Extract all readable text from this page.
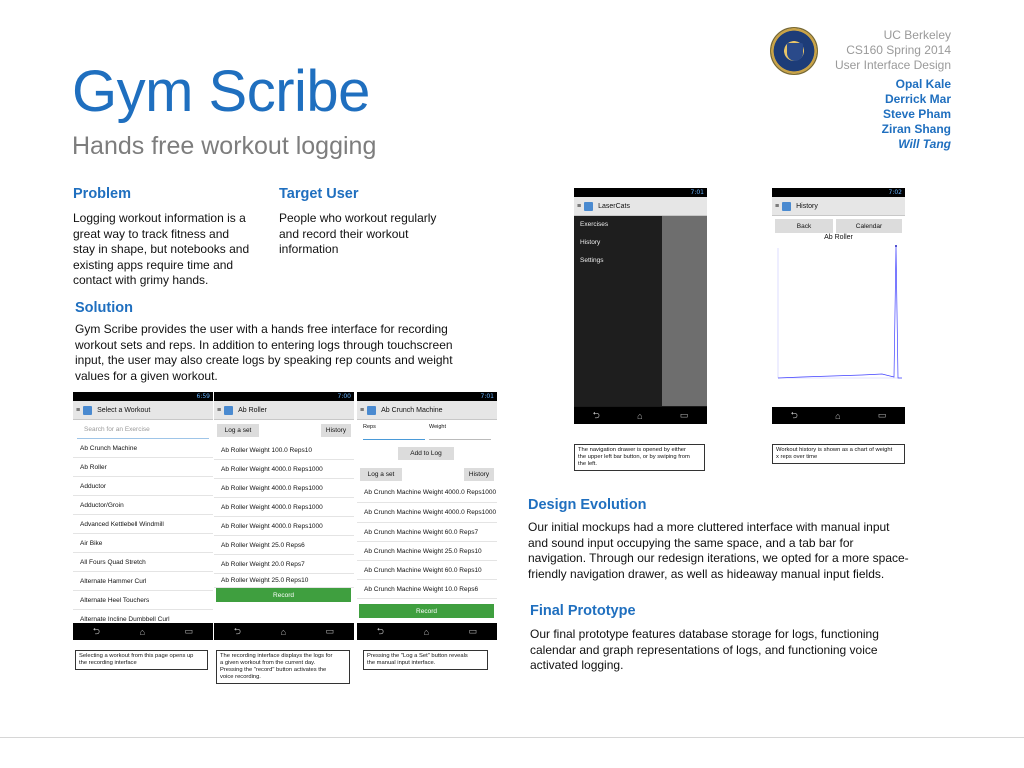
Gym Scribe
Hands free workout logging
UC Berkeley
CS160 Spring 2014
User Interface Design
Opal Kale
Derrick Mar
Steve Pham
Ziran Shang
Will Tang
Problem
Logging workout information is a
great way to track fitness and
stay in shape, but notebooks and
existing apps require time and
contact with grimy hands.
Target User
People who workout regularly
and record their workout
information
Solution
Gym Scribe provides the user with a hands free interface for recording
workout sets and reps. In addition to entering logs through touchscreen
input, the user may also create logs by speaking rep counts and weight
values for a given workout.
Design Evolution
Our initial mockups had a more cluttered interface with manual input
and sound input occupying the same space, and a tab bar for
navigation. Through our redesign iterations, we opted for a more space-
friendly navigation drawer, as well as hideaway manual input fields.
Final Prototype
Our final prototype features database storage for logs, functioning
calendar and graph representations of logs, and functioning voice
activated logging.
6:59
≡ Select a Workout
Search for an Exercise
Ab Crunch Machine
Ab Roller
Adductor
Adductor/Groin
Advanced Kettlebell Windmill
Air Bike
All Fours Quad Stretch
Alternate Hammer Curl
Alternate Heel Touchers
Alternate Incline Dumbbell Curl
⮌	⌂	▭
Selecting a workout from this page opens up
the recording interface
7:00
≡ Ab Roller
Log a set	History
Ab Roller Weight 100.0 Reps10
Ab Roller Weight 4000.0 Reps1000
Ab Roller Weight 4000.0 Reps1000
Ab Roller Weight 4000.0 Reps1000
Ab Roller Weight 4000.0 Reps1000
Ab Roller Weight 25.0 Reps6
Ab Roller Weight 20.0 Reps7
Ab Roller Weight 25.0 Reps10
Record
⮌	⌂	▭
The recording interface displays the logs for
a given workout from the current day.
Pressing the "record" button activates the
voice recording.
7:01
≡ Ab Crunch Machine
Reps	Weight
Add to Log
Log a set	History
Ab Crunch Machine Weight 4000.0 Reps1000
Ab Crunch Machine Weight 4000.0 Reps1000
Ab Crunch Machine Weight 60.0 Reps7
Ab Crunch Machine Weight 25.0 Reps10
Ab Crunch Machine Weight 60.0 Reps10
Ab Crunch Machine Weight 10.0 Reps6
Record
⮌	⌂	▭
Pressing the "Log a Set" button reveals
the manual input interface.
7:01
≡ LaserCats
Exercises
History
Settings
⮌	⌂	▭
The navigation drawer is opened by either
the upper left bar button, or by swiping from
the left.
7:02
≡ History
Back	Calendar
Ab Roller
⮌	⌂	▭
Workout history is shown as a chart of weight
x reps over time
